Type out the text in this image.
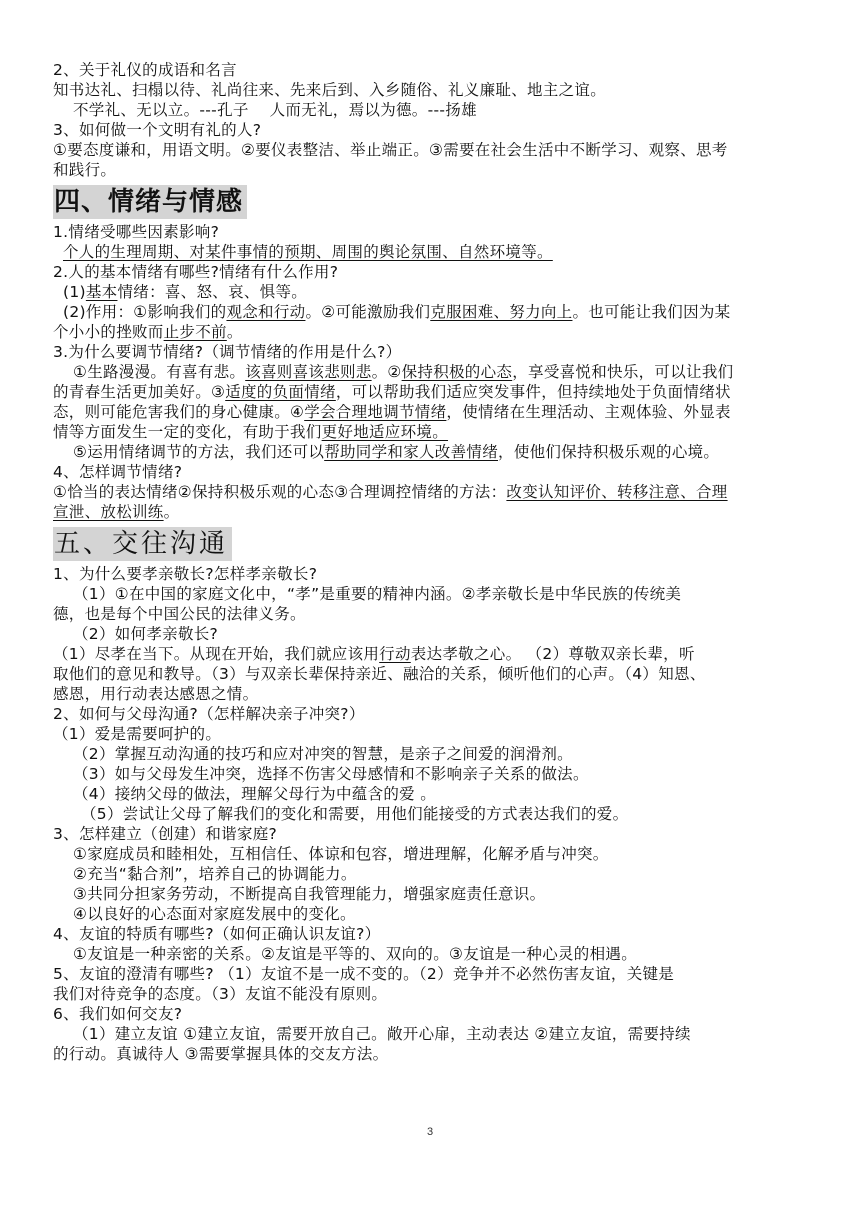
2、关于礼仪的成语和名言
知书达礼、扫榻以待、礼尚往来、先来后到、入乡随俗、礼义廉耻、地主之谊。
不学礼、无以立。---孔子 人而无礼，焉以为德。---扬雄
3、如何做一个文明有礼的人?
①要态度谦和，用语文明。②要仪表整洁、举止端正。③需要在社会生活中不断学习、观察、思考
和践行。
四、情绪与情感
1.情绪受哪些因素影响?
个人的生理周期、对某件事情的预期、周围的舆论氛围、自然环境等。
2.人的基本情绪有哪些?情绪有什么作用?
(1)基本情绪：喜、怒、哀、惧等。
(2)作用：①影响我们的观念和行动。②可能激励我们克服困难、努力向上。也可能让我们因为某
个小小的挫败而止步不前。
3.为什么要调节情绪?（调节情绪的作用是什么?）
①生路漫漫。有喜有悲。该喜则喜该悲则悲。②保持积极的心态，享受喜悦和快乐，可以让我们
的青春生活更加美好。③适度的负面情绪，可以帮助我们适应突发事件，但持续地处于负面情绪状
态，则可能危害我们的身心健康。④学会合理地调节情绪，使情绪在生理活动、主观体验、外显表
情等方面发生一定的变化，有助于我们更好地适应环境。
⑤运用情绪调节的方法，我们还可以帮助同学和家人改善情绪，使他们保持积极乐观的心境。
4、怎样调节情绪?
①恰当的表达情绪②保持积极乐观的心态③合理调控情绪的方法：改变认知评价、转移注意、合理
宣泄、放松训练。
五、交往沟通
1、为什么要孝亲敬长?怎样孝亲敬长?
（1）①在中国的家庭文化中，“孝”是重要的精神内涵。②孝亲敬长是中华民族的传统美
德，也是每个中国公民的法律义务。
（2）如何孝亲敬长?
（1）尽孝在当下。从现在开始，我们就应该用行动表达孝敬之心。 （2）尊敬双亲长辈，听
取他们的意见和教导。（3）与双亲长辈保持亲近、融洽的关系，倾听他们的心声。（4）知恩、
感恩，用行动表达感恩之情。
2、如何与父母沟通?（怎样解决亲子冲突?）
（1）爱是需要呵护的。
（2）掌握互动沟通的技巧和应对冲突的智慧，是亲子之间爱的润滑剂。
（3）如与父母发生冲突，选择不伤害父母感情和不影响亲子关系的做法。
（4）接纳父母的做法，理解父母行为中蕴含的爱 。
（5）尝试让父母了解我们的变化和需要，用他们能接受的方式表达我们的爱。
3、怎样建立（创建）和谐家庭?
①家庭成员和睦相处，互相信任、体谅和包容，增进理解，化解矛盾与冲突。
②充当“黏合剂”，培养自己的协调能力。
③共同分担家务劳动，不断提高自我管理能力，增强家庭责任意识。
④以良好的心态面对家庭发展中的变化。
4、友谊的特质有哪些?（如何正确认识友谊?）
①友谊是一种亲密的关系。②友谊是平等的、双向的。③友谊是一种心灵的相遇。
5、友谊的澄清有哪些? （1）友谊不是一成不变的。（2）竞争并不必然伤害友谊，关键是
我们对待竞争的态度。（3）友谊不能没有原则。
6、我们如何交友?
（1）建立友谊 ①建立友谊，需要开放自己。敞开心扉，主动表达 ②建立友谊，需要持续
的行动。真诚待人 ③需要掌握具体的交友方法。
3
